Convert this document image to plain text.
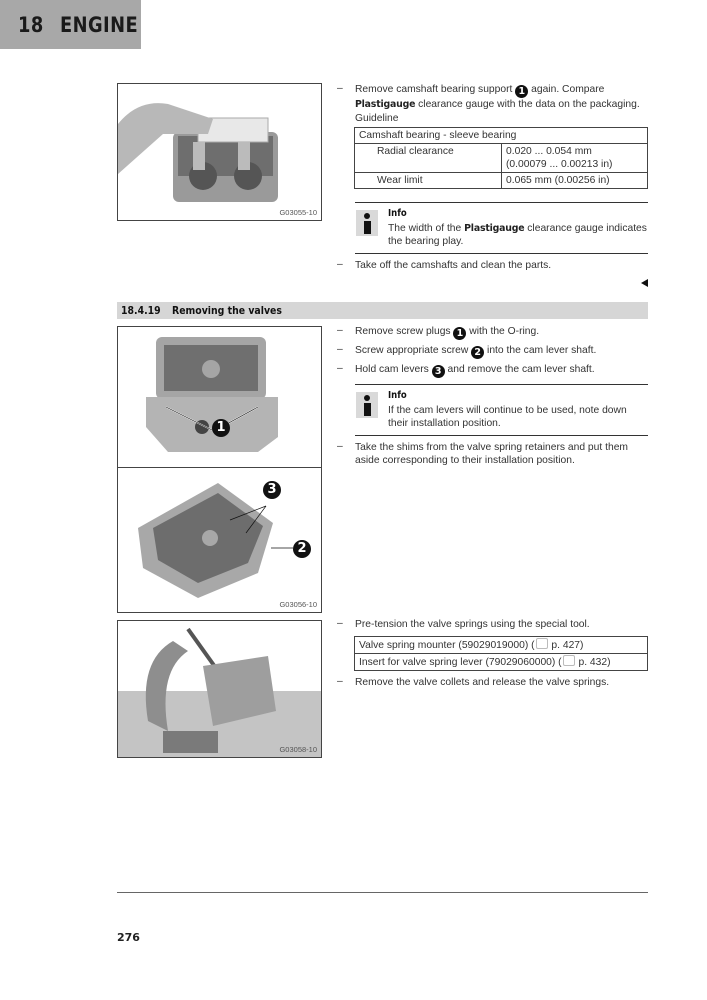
18 ENGINE
G03055-10
– Remove camshaft bearing support 1 again. Compare
Plastigauge clearance gauge with the data on the packaging.
Guideline
Camshaft bearing - sleeve bearing	
Radial clearance	0.020 ... 0.054 mm
(0.00079 ... 0.00213 in)
Wear limit	0.065 mm (0.00256 in)
Info
The width of the Plastigauge clearance gauge indicates
the bearing play.
– Take off the camshafts and clean the parts.
18.4.19 Removing the valves
1
3
2
G03056-10
– Remove screw plugs 1 with the O-ring.
– Screw appropriate screw 2 into the cam lever shaft.
– Hold cam levers 3 and remove the cam lever shaft.
Info
If the cam levers will continue to be used, note down
their installation position.
– Take the shims from the valve spring retainers and put them
aside corresponding to their installation position.
G03058-10
– Pre-tension the valve springs using the special tool.
Valve spring mounter (59029019000) ( p. 427)
Insert for valve spring lever (79029060000) ( p. 432)
– Remove the valve collets and release the valve springs.
276
